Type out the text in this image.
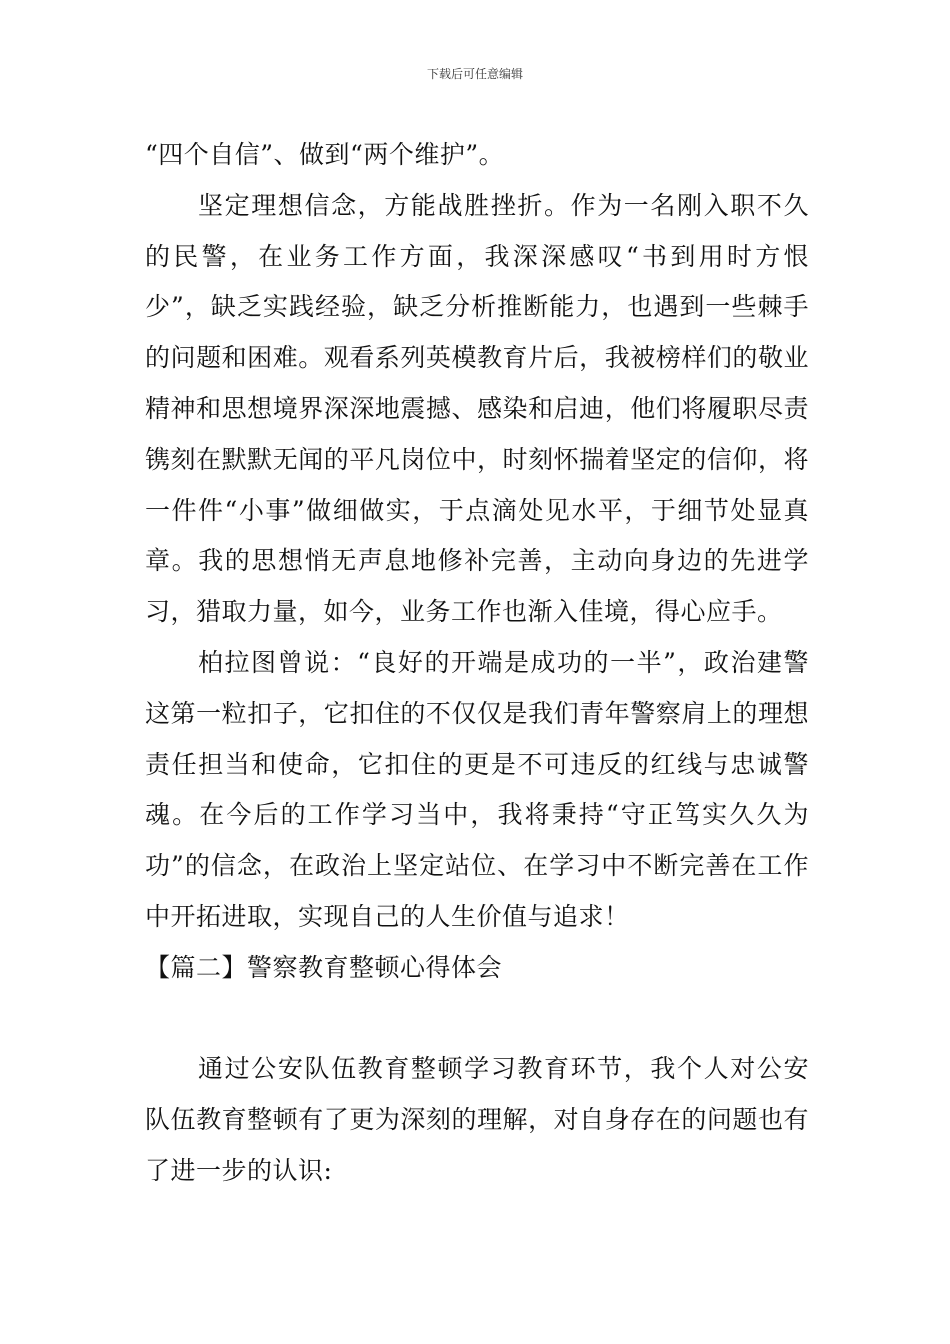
下载后可任意编辑

“四个自信”、做到“两个维护”。

坚定理想信念，方能战胜挫折。作为一名刚入职不久的民警，在业务工作方面，我深深感叹“书到用时方恨少”，缺乏实践经验，缺乏分析推断能力，也遇到一些棘手的问题和困难。观看系列英模教育片后，我被榜样们的敬业精神和思想境界深深地震撼、感染和启迪，他们将履职尽责镌刻在默默无闻的平凡岗位中，时刻怀揣着坚定的信仰，将一件件“小事”做细做实，于点滴处见水平，于细节处显真章。我的思想悄无声息地修补完善，主动向身边的先进学习，猎取力量，如今，业务工作也渐入佳境，得心应手。

柏拉图曾说：“良好的开端是成功的一半”，政治建警这第一粒扣子，它扣住的不仅仅是我们青年警察肩上的理想责任担当和使命，它扣住的更是不可违反的红线与忠诚警魂。在今后的工作学习当中，我将秉持“守正笃实久久为功”的信念，在政治上坚定站位、在学习中不断完善在工作中开拓进取，实现自己的人生价值与追求！

【篇二】警察教育整顿心得体会

通过公安队伍教育整顿学习教育环节，我个人对公安队伍教育整顿有了更为深刻的理解，对自身存在的问题也有了进一步的认识:
